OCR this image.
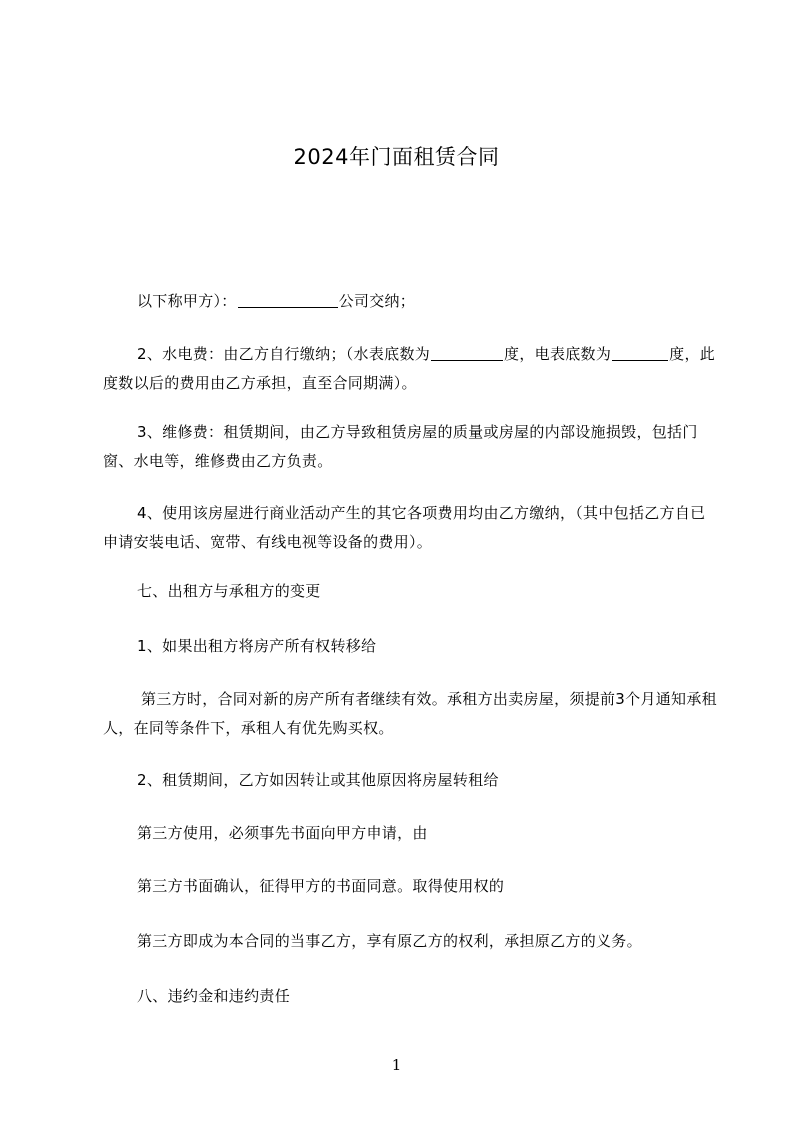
2024年门面租赁合同
以下称甲方）：	公司交纳；
2、水电费：由乙方自行缴纳；（水表底数为	度，电表底数为	度，此度数以后的费用由乙方承担，直至合同期满）。
3、维修费：租赁期间，由乙方导致租赁房屋的质量或房屋的内部设施损毁，包括门窗、水电等，维修费由乙方负责。
4、使用该房屋进行商业活动产生的其它各项费用均由乙方缴纳，（其中包括乙方自已申请安装电话、宽带、有线电视等设备的费用）。
七、出租方与承租方的变更
1、如果出租方将房产所有权转移给
第三方时，合同对新的房产所有者继续有效。承租方出卖房屋，须提前3个月通知承租人，在同等条件下，承租人有优先购买权。
2、租赁期间，乙方如因转让或其他原因将房屋转租给
第三方使用，必须事先书面向甲方申请，由
第三方书面确认，征得甲方的书面同意。取得使用权的
第三方即成为本合同的当事乙方，享有原乙方的权利，承担原乙方的义务。
八、违约金和违约责任
1
